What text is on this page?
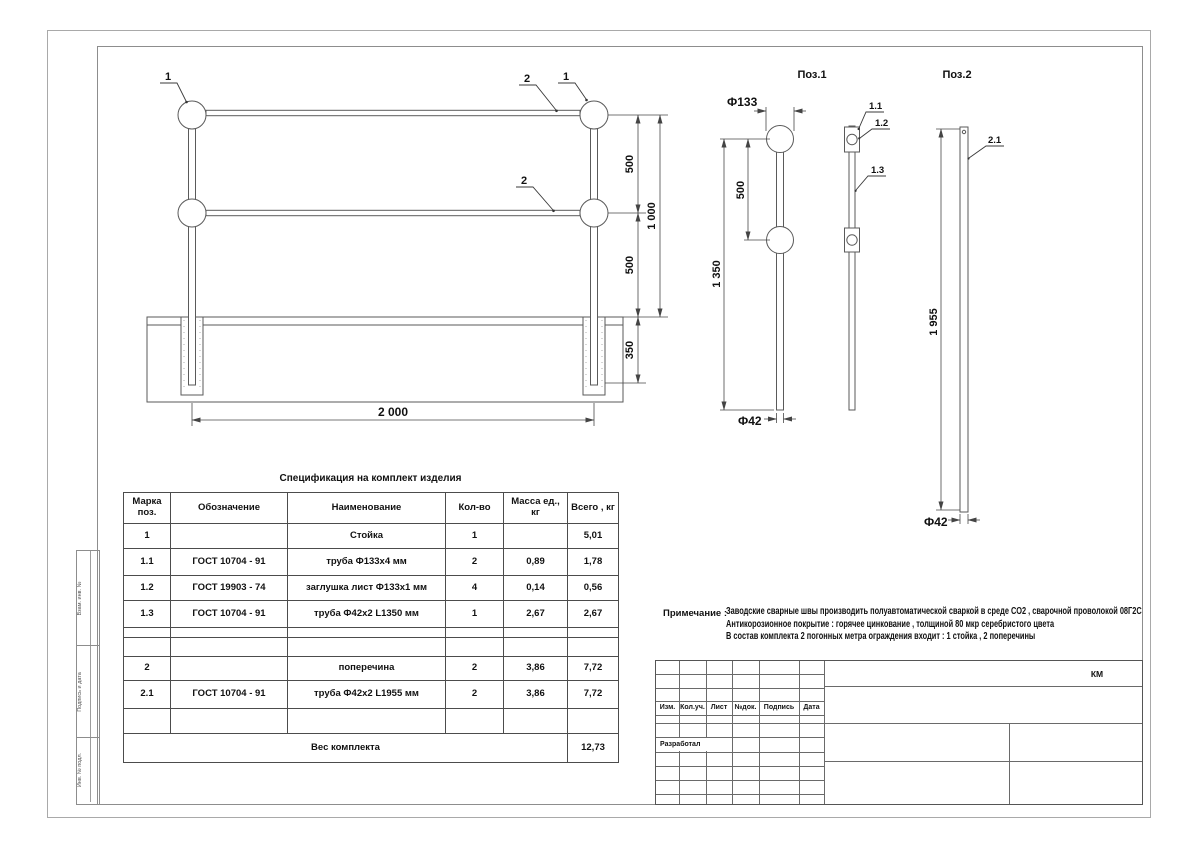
Взам. инв. №
Подпись и дата
Инв. № подл.
500
1 000
500
350
2 000
1	2	1
2
Поз.1
Ф133
500
1 350
Ф42
1.1
1.2
1.3
Поз.2
1 955
Ф42
2.1
Спецификация на комплект изделия
Марка поз.	Обозначение	Наименование	Кол-во	Масса ед., кг	Всего , кг
1		Стойка	1		5,01
1.1	ГОСТ 10704 - 91	труба Ф133х4 мм	2	0,89	1,78
1.2	ГОСТ 19903 - 74	заглушка лист Ф133х1 мм	4	0,14	0,56
1.3	ГОСТ 10704 - 91	труба Ф42х2 L1350 мм	1	2,67	2,67

2		поперечина	2	3,86	7,72
2.1	ГОСТ 10704 - 91	труба Ф42х2 L1955 мм	2	3,86	7,72

Вес комплекта					12,73
Примечание :
Заводские сварные швы производить полуавтоматической сваркой в среде СО2 , сварочной проволокой 08Г2С
Антикорозионное покрытие : горячее цинкование , толщиной 80 мкр серебристого цвета
В состав комплекта 2 погонных метра ограждения входит : 1 стойка , 2 поперечины
Изм. Кол.уч. Лист	№док.	Подпись	Дата
Разработал
КМ
